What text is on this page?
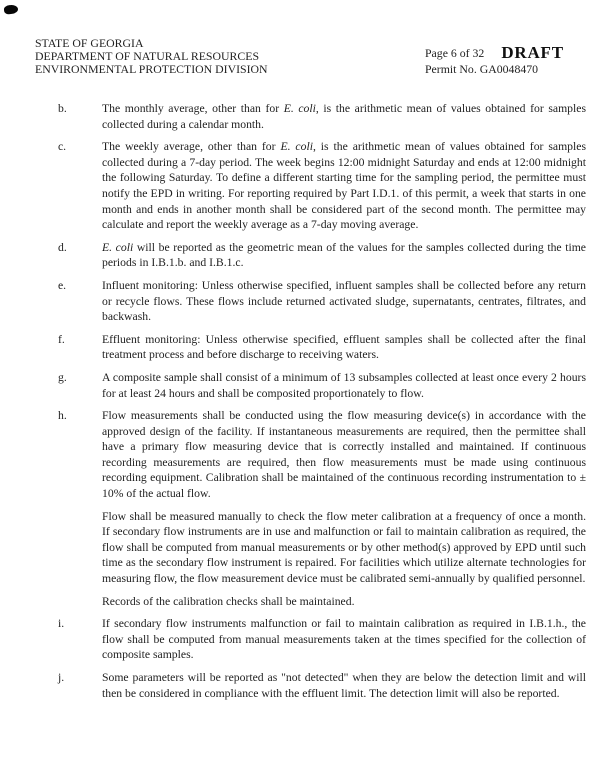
STATE OF GEORGIA
DEPARTMENT OF NATURAL RESOURCES
ENVIRONMENTAL PROTECTION DIVISION
Page 6 of 32 DRAFT
Permit No. GA0048470
b.	The monthly average, other than for E. coli, is the arithmetic mean of values obtained for samples collected during a calendar month.

c.	The weekly average, other than for E. coli, is the arithmetic mean of values obtained for samples collected during a 7-day period. The week begins 12:00 midnight Saturday and ends at 12:00 midnight the following Saturday. To define a different starting time for the sampling period, the permittee must notify the EPD in writing. For reporting required by Part I.D.1. of this permit, a week that starts in one month and ends in another month shall be considered part of the second month. The permittee may calculate and report the weekly average as a 7-day moving average.

d.	E. coli will be reported as the geometric mean of the values for the samples collected during the time periods in I.B.1.b. and I.B.1.c.

e.	Influent monitoring: Unless otherwise specified, influent samples shall be collected before any return or recycle flows. These flows include returned activated sludge, supernatants, centrates, filtrates, and backwash.

f.	Effluent monitoring: Unless otherwise specified, effluent samples shall be collected after the final treatment process and before discharge to receiving waters.

g.	A composite sample shall consist of a minimum of 13 subsamples collected at least once every 2 hours for at least 24 hours and shall be composited proportionately to flow.

h.	Flow measurements shall be conducted using the flow measuring device(s) in accordance with the approved design of the facility. If instantaneous measurements are required, then the permittee shall have a primary flow measuring device that is correctly installed and maintained. If continuous recording measurements are required, then flow measurements must be made using continuous recording equipment. Calibration shall be maintained of the continuous recording instrumentation to ± 10% of the actual flow.

Flow shall be measured manually to check the flow meter calibration at a frequency of once a month. If secondary flow instruments are in use and malfunction or fail to maintain calibration as required, the flow shall be computed from manual measurements or by other method(s) approved by EPD until such time as the secondary flow instrument is repaired. For facilities which utilize alternate technologies for measuring flow, the flow measurement device must be calibrated semi-annually by qualified personnel.

Records of the calibration checks shall be maintained.

i.	If secondary flow instruments malfunction or fail to maintain calibration as required in I.B.1.h., the flow shall be computed from manual measurements taken at the times specified for the collection of composite samples.

j.	Some parameters will be reported as "not detected" when they are below the detection limit and will then be considered in compliance with the effluent limit. The detection limit will also be reported.
